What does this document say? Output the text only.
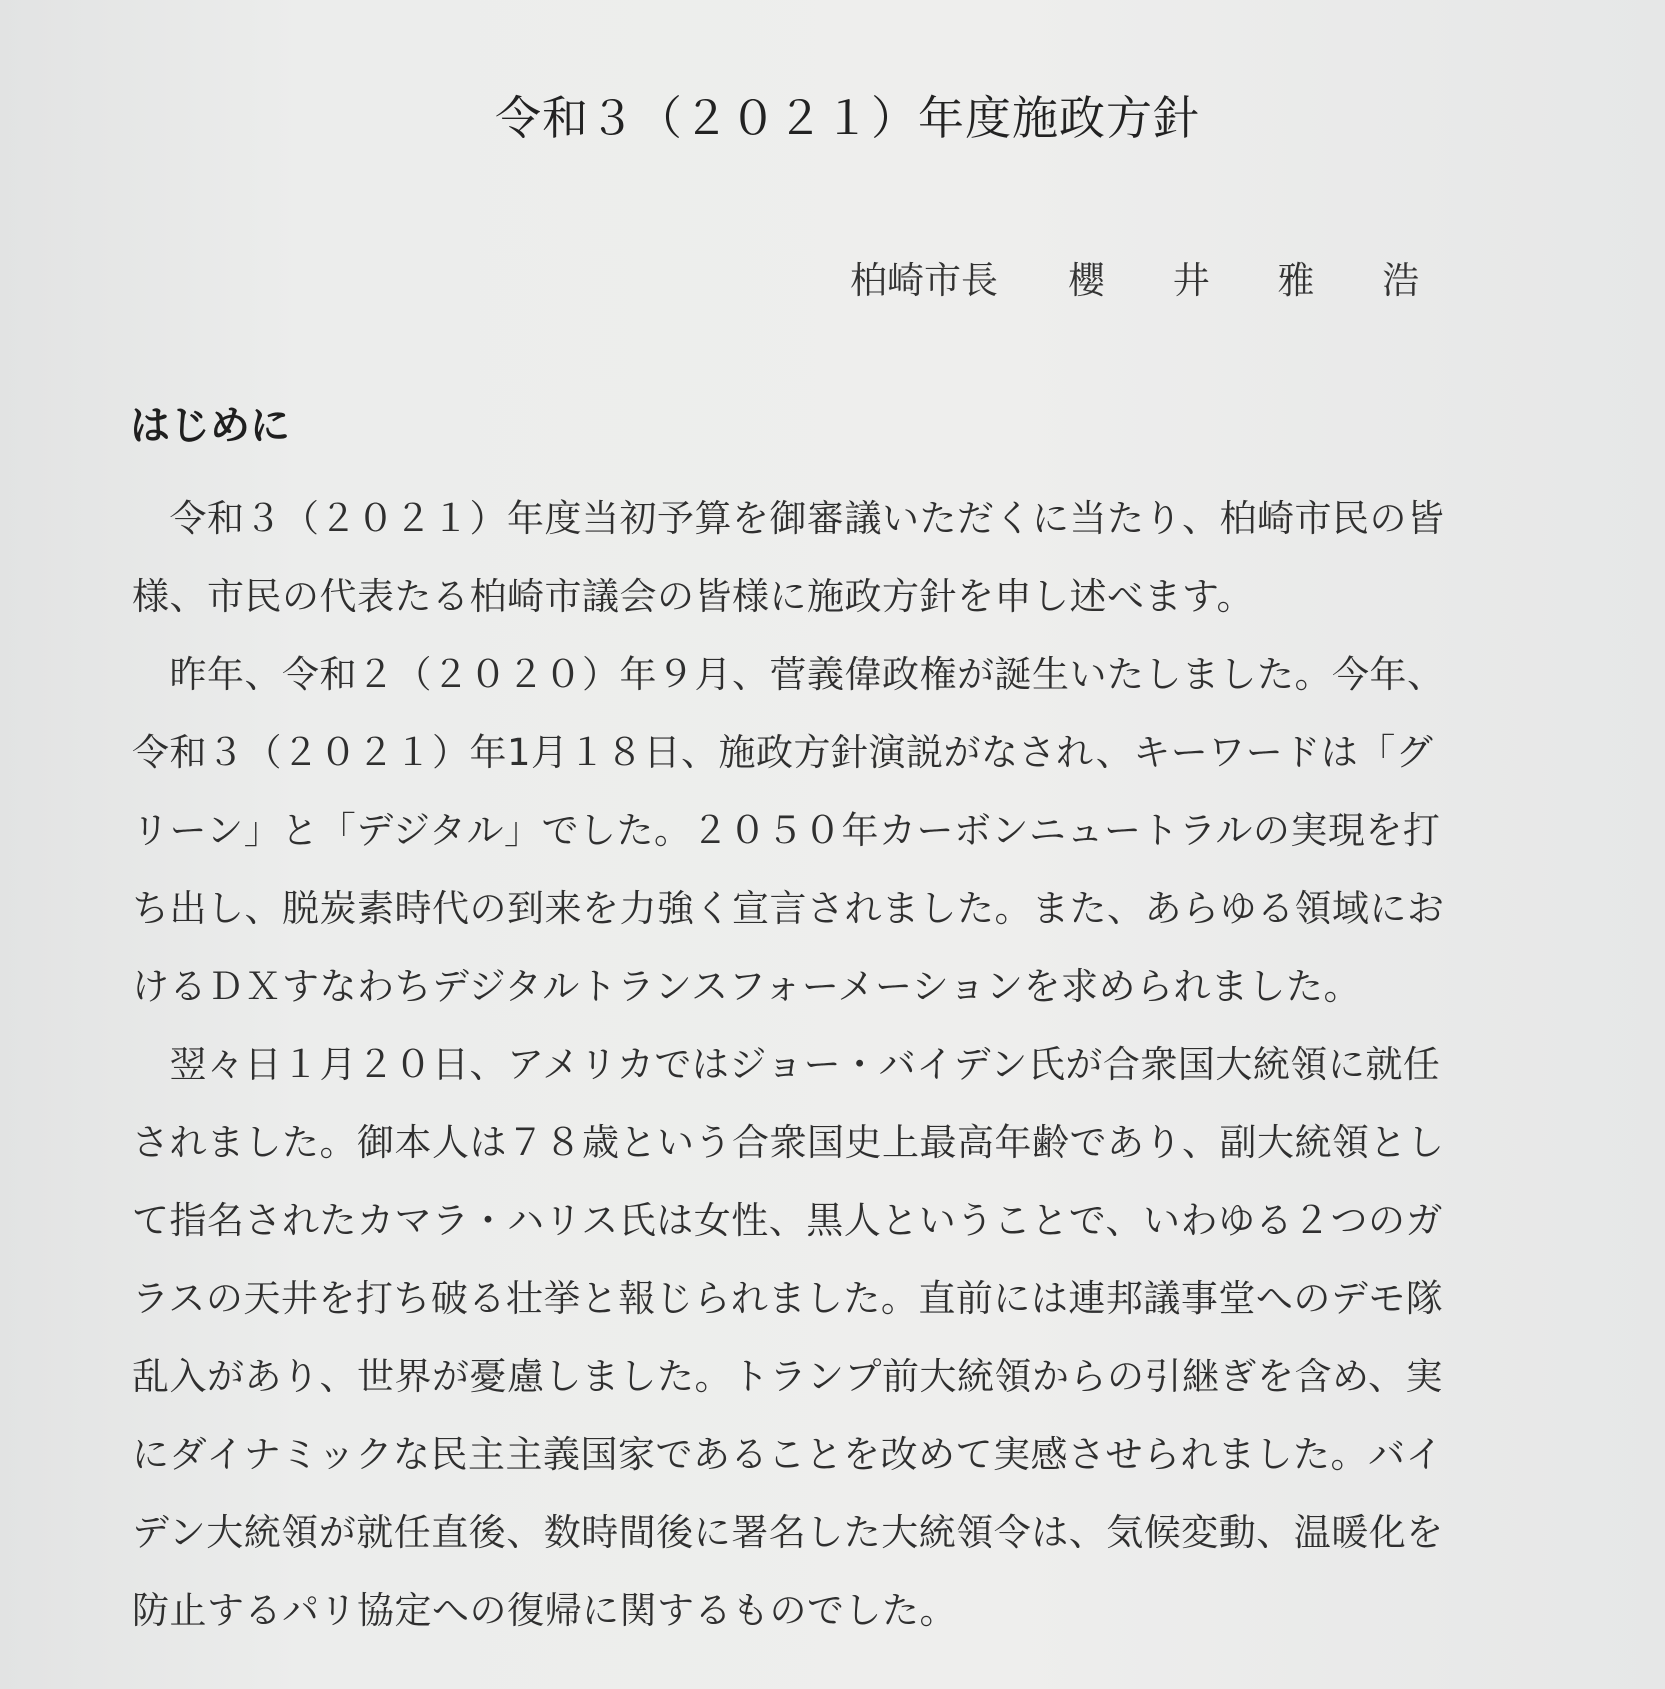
令和３（２０２１）年度施政方針
柏崎市長 櫻 井 雅 浩
はじめに
　令和３（２０２１）年度当初予算を御審議いただくに当たり、柏崎市民の皆
様、市民の代表たる柏崎市議会の皆様に施政方針を申し述べます。
　昨年、令和２（２０２０）年９月、菅義偉政権が誕生いたしました。今年、
令和３（２０２１）年1月１８日、施政方針演説がなされ、キーワードは「グ
リーン」と「デジタル」でした。２０５０年カーボンニュートラルの実現を打
ち出し、脱炭素時代の到来を力強く宣言されました。また、あらゆる領域にお
けるＤＸすなわちデジタルトランスフォーメーションを求められました。
　翌々日１月２０日、アメリカではジョー・バイデン氏が合衆国大統領に就任
されました。御本人は７８歳という合衆国史上最高年齢であり、副大統領とし
て指名されたカマラ・ハリス氏は女性、黒人ということで、いわゆる２つのガ
ラスの天井を打ち破る壮挙と報じられました。直前には連邦議事堂へのデモ隊
乱入があり、世界が憂慮しました。トランプ前大統領からの引継ぎを含め、実
にダイナミックな民主主義国家であることを改めて実感させられました。バイ
デン大統領が就任直後、数時間後に署名した大統領令は、気候変動、温暖化を
防止するパリ協定への復帰に関するものでした。
